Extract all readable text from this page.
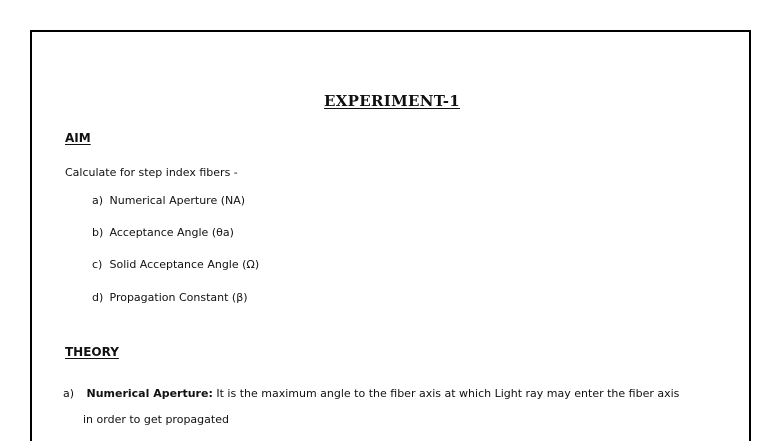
EXPERIMENT-1
AIM
Calculate for step index fibers -
a) Numerical Aperture (NA)
b) Acceptance Angle (θa)
c) Solid Acceptance Angle (Ω)
d) Propagation Constant (β)
THEORY
a) Numerical Aperture: It is the maximum angle to the fiber axis at which Light ray may enter the fiber axis
in order to get propagated
